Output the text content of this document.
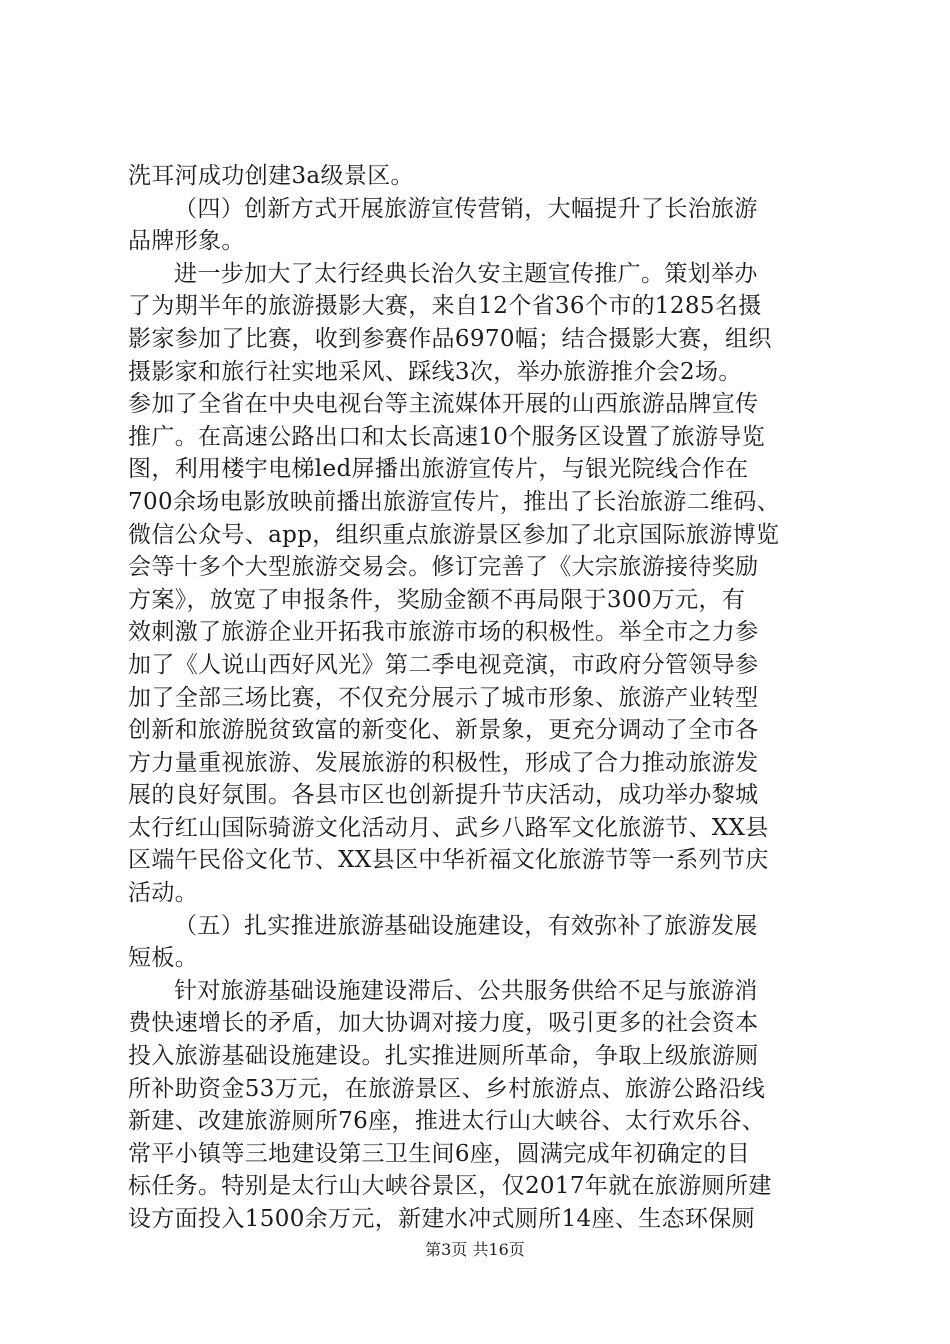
洗耳河成功创建3a级景区。
（四）创新方式开展旅游宣传营销，大幅提升了长治旅游
品牌形象。
进一步加大了太行经典长治久安主题宣传推广。策划举办
了为期半年的旅游摄影大赛，来自12个省36个市的1285名摄
影家参加了比赛，收到参赛作品6970幅；结合摄影大赛，组织
摄影家和旅行社实地采风、踩线3次，举办旅游推介会2场。
参加了全省在中央电视台等主流媒体开展的山西旅游品牌宣传
推广。在高速公路出口和太长高速10个服务区设置了旅游导览
图，利用楼宇电梯led屏播出旅游宣传片，与银光院线合作在
700余场电影放映前播出旅游宣传片，推出了长治旅游二维码、
微信公众号、app，组织重点旅游景区参加了北京国际旅游博览
会等十多个大型旅游交易会。修订完善了《大宗旅游接待奖励
方案》，放宽了申报条件，奖励金额不再局限于300万元，有
效刺激了旅游企业开拓我市旅游市场的积极性。举全市之力参
加了《人说山西好风光》第二季电视竞演，市政府分管领导参
加了全部三场比赛，不仅充分展示了城市形象、旅游产业转型
创新和旅游脱贫致富的新变化、新景象，更充分调动了全市各
方力量重视旅游、发展旅游的积极性，形成了合力推动旅游发
展的良好氛围。各县市区也创新提升节庆活动，成功举办黎城
太行红山国际骑游文化活动月、武乡八路军文化旅游节、XX县
区端午民俗文化节、XX县区中华祈福文化旅游节等一系列节庆
活动。
（五）扎实推进旅游基础设施建设，有效弥补了旅游发展
短板。
针对旅游基础设施建设滞后、公共服务供给不足与旅游消
费快速增长的矛盾，加大协调对接力度，吸引更多的社会资本
投入旅游基础设施建设。扎实推进厕所革命，争取上级旅游厕
所补助资金53万元，在旅游景区、乡村旅游点、旅游公路沿线
新建、改建旅游厕所76座，推进太行山大峡谷、太行欢乐谷、
常平小镇等三地建设第三卫生间6座，圆满完成年初确定的目
标任务。特别是太行山大峡谷景区，仅2017年就在旅游厕所建
设方面投入1500余万元，新建水冲式厕所14座、生态环保厕
第3页 共16页
